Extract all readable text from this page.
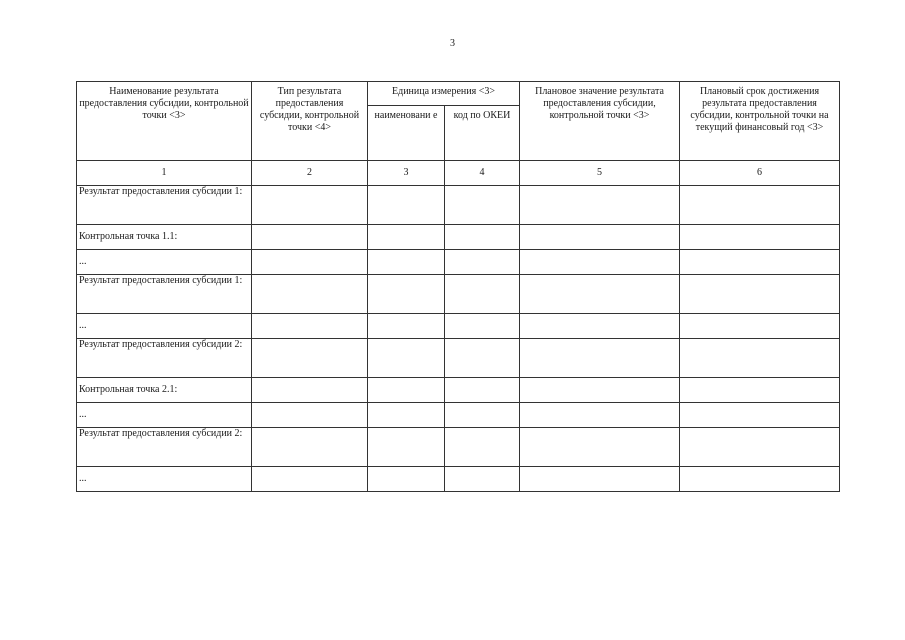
3
Наименование результата предоставления субсидии, контрольной точки <3>	Тип результата предоставления субсидии, контрольной точки <4>	Единица измерения <3>		Плановое значение результата предоставления субсидии, контрольной точки <3>	Плановый срок достижения результата предоставления субсидии, контрольной точки на текущий финансовый год <3>
		наименовани е	код по ОКЕИ		
1	2	3	4	5	6
Результат предоставления субсидии 1:					
Контрольная точка 1.1:					
...					
Результат предоставления субсидии 1:					
...					
Результат предоставления субсидии 2:					
Контрольная точка 2.1:					
...					
Результат предоставления субсидии 2:					
...					
